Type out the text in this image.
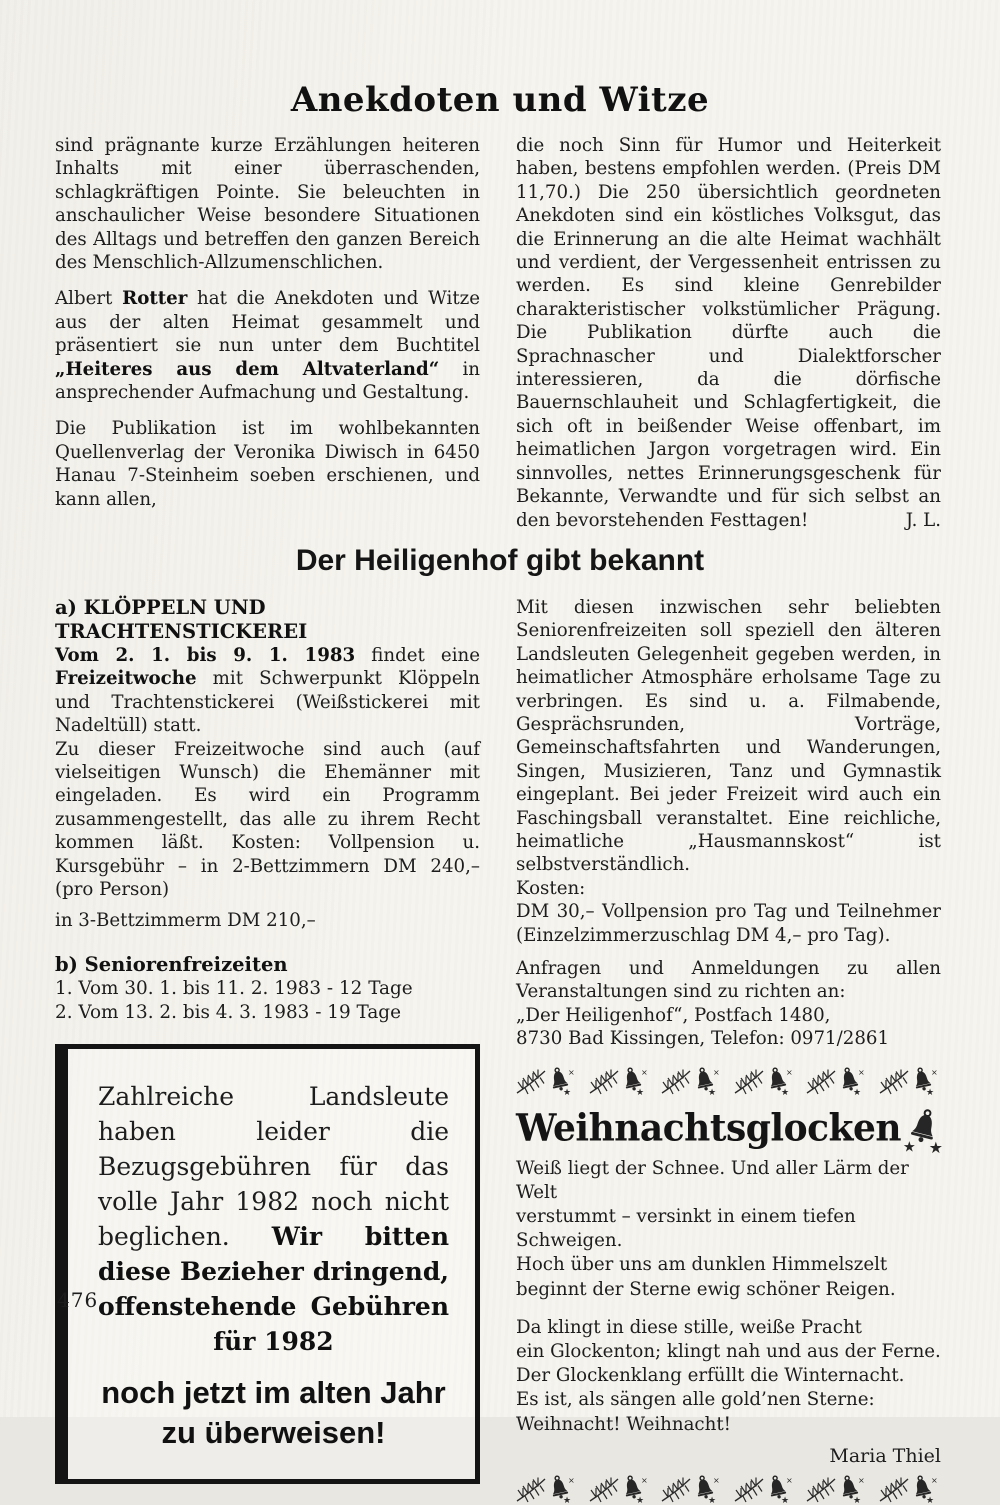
Anekdoten und Witze

sind prägnante kurze Erzählungen heiteren Inhalts mit einer überraschenden, schlagkräftigen Pointe. Sie beleuchten in anschaulicher Weise besondere Situationen des Alltags und betreffen den ganzen Bereich des Menschlich-Allzumenschlichen.

Albert Rotter hat die Anekdoten und Witze aus der alten Heimat gesammelt und präsentiert sie nun unter dem Buchtitel „Heiteres aus dem Altvaterland“ in ansprechender Aufmachung und Gestaltung.

Die Publikation ist im wohlbekannten Quellenverlag der Veronika Diwisch in 6450 Hanau 7-Steinheim soeben erschienen, und kann allen,

die noch Sinn für Humor und Heiterkeit haben, bestens empfohlen werden. (Preis DM 11,70.) Die 250 übersichtlich geordneten Anekdoten sind ein köstliches Volksgut, das die Erinnerung an die alte Heimat wachhält und verdient, der Vergessenheit entrissen zu werden. Es sind kleine Genrebilder charakteristischer volkstümlicher Prägung. Die Publikation dürfte auch die Sprachnascher und Dialektforscher interessieren, da die dörfische Bauernschlauheit und Schlagfertigkeit, die sich oft in beißender Weise offenbart, im heimatlichen Jargon vorgetragen wird. Ein sinnvolles, nettes Erinnerungsgeschenk für Bekannte, Verwandte und für sich selbst an den bevorstehenden Festtagen!	J. L.

Der Heiligenhof gibt bekannt
a) KLÖPPELN UND
TRACHTENSTICKEREI

Vom 2. 1. bis 9. 1. 1983 findet eine Freizeitwoche mit Schwerpunkt Klöppeln und Trachtenstickerei (Weißstickerei mit Nadeltüll) statt.

Zu dieser Freizeitwoche sind auch (auf vielseitigen Wunsch) die Ehemänner mit eingeladen. Es wird ein Programm zusammengestellt, das alle zu ihrem Recht kommen läßt. Kosten: Vollpension u. Kursgebühr – in 2-Bettzimmern DM 240,– (pro Person)

in 3-Bettzimmerm DM 210,–

b) Seniorenfreizeiten
1. Vom 30. 1. bis 11. 2. 1983 - 12 Tage
2. Vom 13. 2. bis 4. 3. 1983 - 19 Tage

Zahlreiche Landsleute haben leider die Bezugsgebühren für das volle Jahr 1982 noch nicht beglichen. Wir bitten diese Bezieher dringend, offenstehende Gebühren für 1982

noch jetzt im alten Jahr
zu überweisen!

Mit diesen inzwischen sehr beliebten Seniorenfreizeiten soll speziell den älteren Landsleuten Gelegenheit gegeben werden, in heimatlicher Atmosphäre erholsame Tage zu verbringen. Es sind u. a. Filmabende, Gesprächsrunden, Vorträge, Gemeinschaftsfahrten und Wanderungen, Singen, Musizieren, Tanz und Gymnastik eingeplant. Bei jeder Freizeit wird auch ein Faschingsball veranstaltet. Eine reichliche, heimatliche „Hausmannskost“ ist selbstverständlich.

Kosten:

DM 30,– Vollpension pro Tag und Teilnehmer (Einzelzimmerzuschlag DM 4,– pro Tag).

Anfragen und Anmeldungen zu allen Veranstaltungen sind zu richten an:

„Der Heiligenhof“, Postfach 1480,
8730 Bad Kissingen, Telefon: 0971/2861
Weihnachtsglocken ★ ★
Weiß liegt der Schnee. Und aller Lärm der Welt
verstummt – versinkt in einem tiefen Schweigen.
Hoch über uns am dunklen Himmelszelt
beginnt der Sterne ewig schöner Reigen.
Da klingt in diese stille, weiße Pracht
ein Glockenton; klingt nah und aus der Ferne.
Der Glockenklang erfüllt die Winternacht.
Es ist, als sängen alle gold’nen Sterne:
Weihnacht! Weihnacht!
Maria Thiel
476
